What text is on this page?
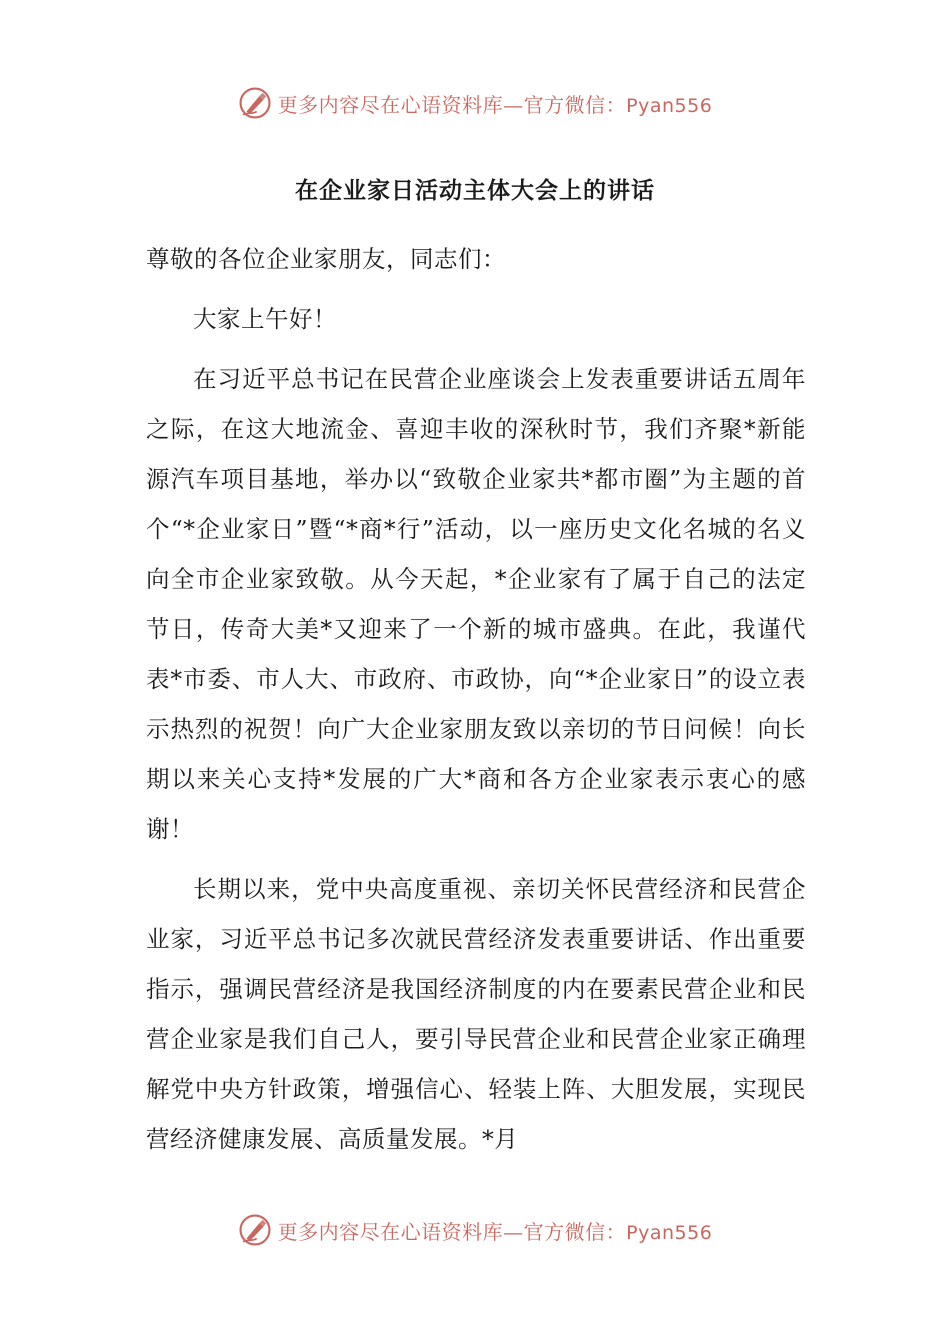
更多内容尽在心语资料库—官方微信：Pyan556
在企业家日活动主体大会上的讲话

尊敬的各位企业家朋友，同志们：

大家上午好！

在习近平总书记在民营企业座谈会上发表重要讲话五周年之际，在这大地流金、喜迎丰收的深秋时节，我们齐聚*新能源汽车项目基地，举办以“致敬企业家共*都市圈”为主题的首个“*企业家日”暨“*商*行”活动，以一座历史文化名城的名义向全市企业家致敬。从今天起，*企业家有了属于自己的法定节日，传奇大美*又迎来了一个新的城市盛典。在此，我谨代表*市委、市人大、市政府、市政协，向“*企业家日”的设立表示热烈的祝贺！向广大企业家朋友致以亲切的节日问候！向长期以来关心支持*发展的广大*商和各方企业家表示衷心的感谢！

长期以来，党中央高度重视、亲切关怀民营经济和民营企业家，习近平总书记多次就民营经济发表重要讲话、作出重要指示，强调民营经济是我国经济制度的内在要素民营企业和民营企业家是我们自己人，要引导民营企业和民营企业家正确理解党中央方针政策，增强信心、轻装上阵、大胆发展，实现民营经济健康发展、高质量发展。*月

更多内容尽在心语资料库—官方微信：Pyan556
